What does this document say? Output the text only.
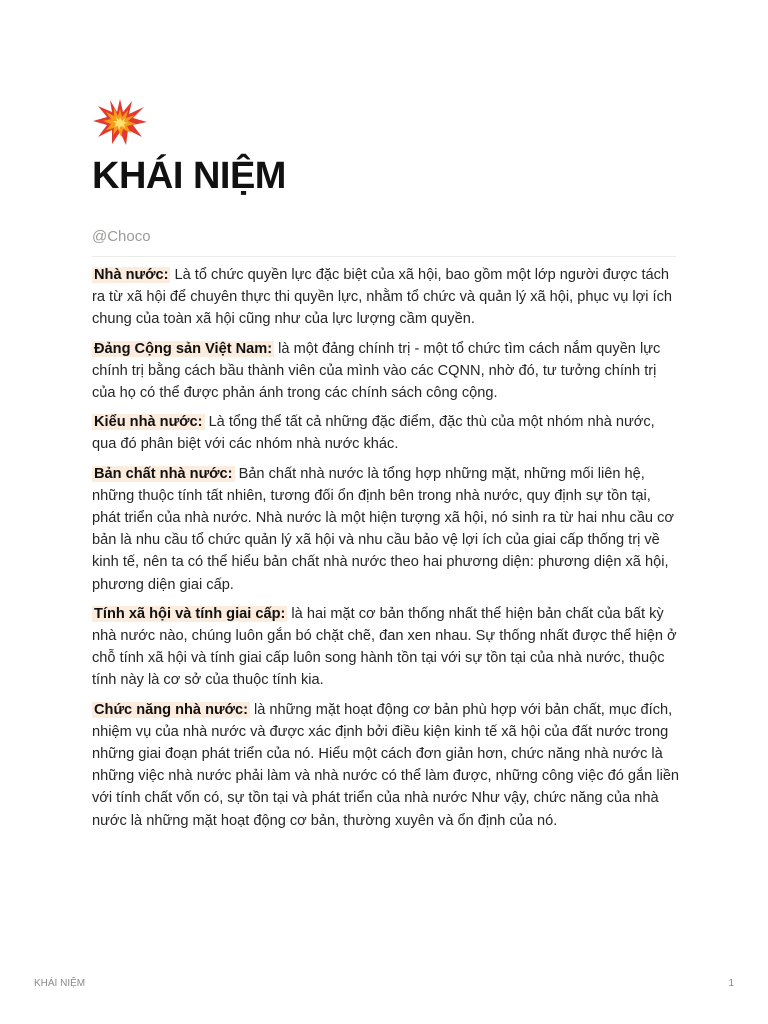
KHÁI NIỆM
@Choco

Nhà nước: Là tổ chức quyền lực đặc biệt của xã hội, bao gồm một lớp người được tách ra từ xã hội để chuyên thực thi quyền lực, nhằm tổ chức và quản lý xã hội, phục vụ lợi ích chung của toàn xã hội cũng như của lực lượng cầm quyền.

Đảng Cộng sản Việt Nam: là một đảng chính trị - một tổ chức tìm cách nắm quyền lực chính trị bằng cách bầu thành viên của mình vào các CQNN, nhờ đó, tư tưởng chính trị của họ có thể được phản ánh trong các chính sách công cộng.

Kiểu nhà nước: Là tổng thể tất cả những đặc điểm, đặc thù của một nhóm nhà nước, qua đó phân biệt với các nhóm nhà nước khác.

Bản chất nhà nước: Bản chất nhà nước là tổng hợp những mặt, những mối liên hệ, những thuộc tính tất nhiên, tương đối ổn định bên trong nhà nước, quy định sự tồn tại, phát triển của nhà nước. Nhà nước là một hiện tượng xã hội, nó sinh ra từ hai nhu cầu cơ bản là nhu cầu tổ chức quản lý xã hội và nhu cầu bảo vệ lợi ích của giai cấp thống trị về kinh tế, nên ta có thể hiểu bản chất nhà nước theo hai phương diện: phương diện xã hội, phương diện giai cấp.

Tính xã hội và tính giai cấp: là hai mặt cơ bản thống nhất thể hiện bản chất của bất kỳ nhà nước nào, chúng luôn gắn bó chặt chẽ, đan xen nhau. Sự thống nhất được thể hiện ở chỗ tính xã hội và tính giai cấp luôn song hành tồn tại với sự tồn tại của nhà nước, thuộc tính này là cơ sở của thuộc tính kia.

Chức năng nhà nước: là những mặt hoạt động cơ bản phù hợp với bản chất, mục đích, nhiệm vụ của nhà nước và được xác định bởi điều kiện kinh tế xã hội của đất nước trong những giai đoạn phát triển của nó. Hiểu một cách đơn giản hơn, chức năng nhà nước là những việc nhà nước phải làm và nhà nước có thể làm được, những công việc đó gắn liền với tính chất vốn có, sự tồn tại và phát triển của nhà nước Như vậy, chức năng của nhà nước là những mặt hoạt động cơ bản, thường xuyên và ổn định của nó.

KHÁI NIỆM	1
